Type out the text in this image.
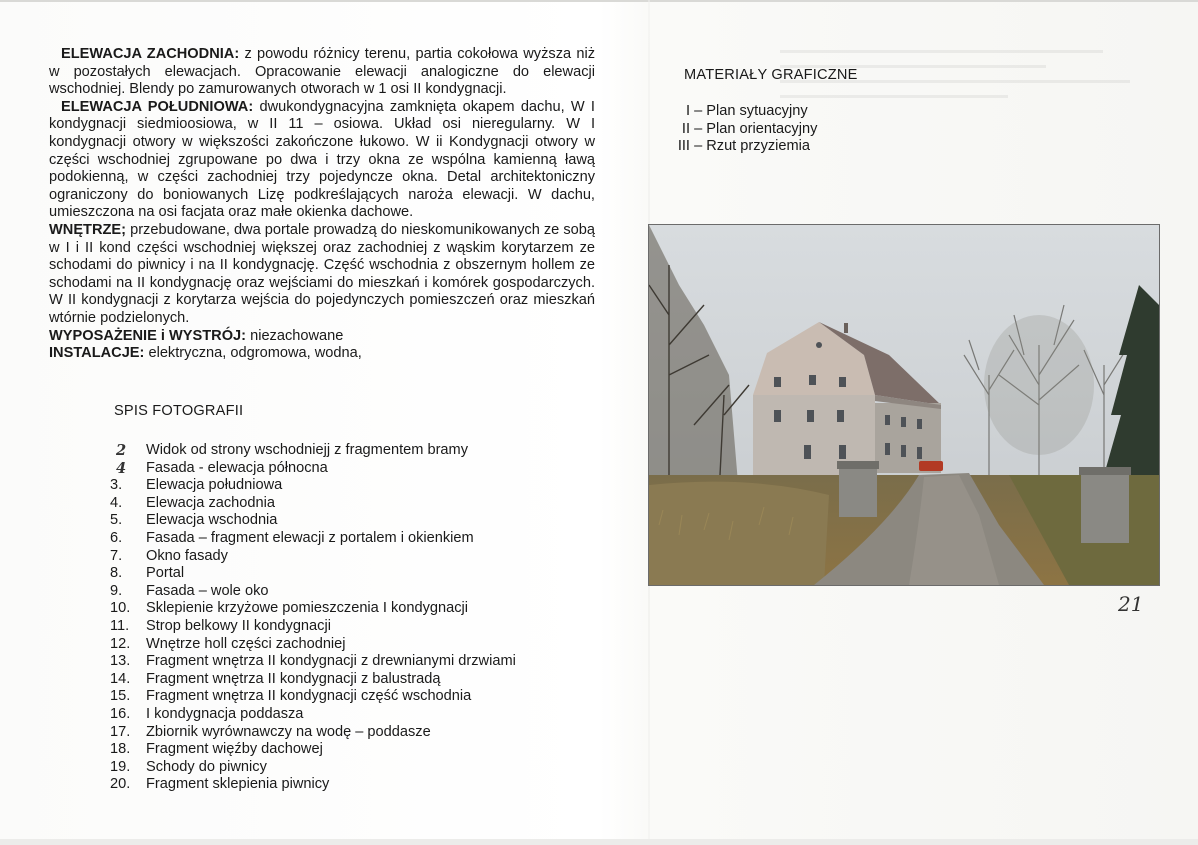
ELEWACJA ZACHODNIA: z powodu różnicy terenu, partia cokołowa wyższa niż w pozostałych elewacjach. Opracowanie elewacji analogiczne do elewacji wschodniej. Blendy po zamurowanych otworach w 1 osi II kondygnacji.

ELEWACJA POŁUDNIOWA: dwukondygnacyjna zamknięta okapem dachu, W I kondygnacji siedmioosiowa, w II 11 – osiowa. Układ osi nieregularny. W I kondygnacji otwory w większości zakończone łukowo. W ii Kondygnacji otwory w części wschodniej zgrupowane po dwa i trzy okna ze wspólna kamienną ławą podokienną, w części zachodniej trzy pojedyncze okna. Detal architektoniczny ograniczony do boniowanych Lizę podkreślających naroża elewacji. W dachu, umieszczona na osi facjata oraz małe okienka dachowe.

WNĘTRZE; przebudowane, dwa portale prowadzą do nieskomunikowanych ze sobą w I i II kond części wschodniej większej oraz zachodniej z wąskim korytarzem ze schodami do piwnicy i na II kondygnację. Część wschodnia z obszernym hollem ze schodami na II kondygnację oraz wejściami do mieszkań i komórek gospodarczych. W II kondygnacji z korytarza wejścia do pojedynczych pomieszczeń oraz mieszkań wtórnie podzielonych.

WYPOSAŻENIE i WYSTRÓJ: niezachowane

INSTALACJE: elektryczna, odgromowa, wodna,

SPIS FOTOGRAFII
2	Widok od strony wschodniejj z fragmentem bramy
4	Fasada - elewacja północna
3.	Elewacja południowa
4.	Elewacja zachodnia
5.	Elewacja wschodnia
6.	Fasada – fragment elewacji z portalem i okienkiem
7.	Okno fasady
8.	Portal
9.	Fasada – wole oko
10.	Sklepienie krzyżowe pomieszczenia I kondygnacji
11.	Strop belkowy II kondygnacji
12.	Wnętrze holl części zachodniej
13.	Fragment wnętrza II kondygnacji z drewnianymi drzwiami
14.	Fragment wnętrza II kondygnacji z balustradą
15.	Fragment wnętrza II kondygnacji część wschodnia
16.	I kondygnacja poddasza
17.	Zbiornik wyrównawczy na wodę – poddasze
18.	Fragment więźby dachowej
19.	Schody do piwnicy
20.	Fragment sklepienia piwnicy
MATERIAŁY GRAFICZNE
I – Plan sytuacyjny
II – Plan orientacyjny
III – Rzut przyziemia
21
